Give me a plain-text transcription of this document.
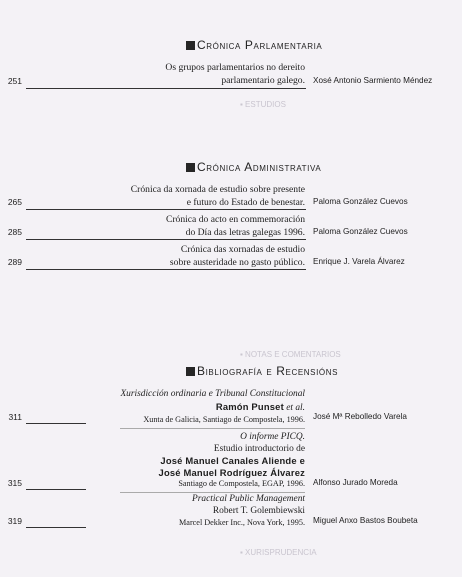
▪ ESTUDIOS
▪ NOTAS E COMENTARIOS
▪ XURISPRUDENCIA
Crónica Parlamentaria
Os grupos parlamentarios no dereito
parlamentario galego.
251	Xosé Antonio Sarmiento Méndez
Crónica Administrativa
Crónica da xornada de estudio sobre presente
e futuro do Estado de benestar.
265	Paloma González Cuevos
Crónica do acto en commemoración
do Día das letras galegas 1996.
285	Paloma González Cuevos
Crónica das xornadas de estudio
sobre austeridade no gasto público.
289	Enrique J. Varela Álvarez
Bibliografía e Recensións
Xurisdicción ordinaria e Tribunal Constitucional
Ramón Punset et al.
Xunta de Galicia, Santiago de Compostela, 1996.
311	José Mª Rebolledo Varela
O informe PICQ.
Estudio introductorio de
José Manuel Canales Aliende e
José Manuel Rodríguez Álvarez
Santiago de Compostela, EGAP, 1996.
315	Alfonso Jurado Moreda
Practical Public Management
Robert T. Golembiewski
Marcel Dekker Inc., Nova York, 1995.
319	Miguel Anxo Bastos Boubeta
